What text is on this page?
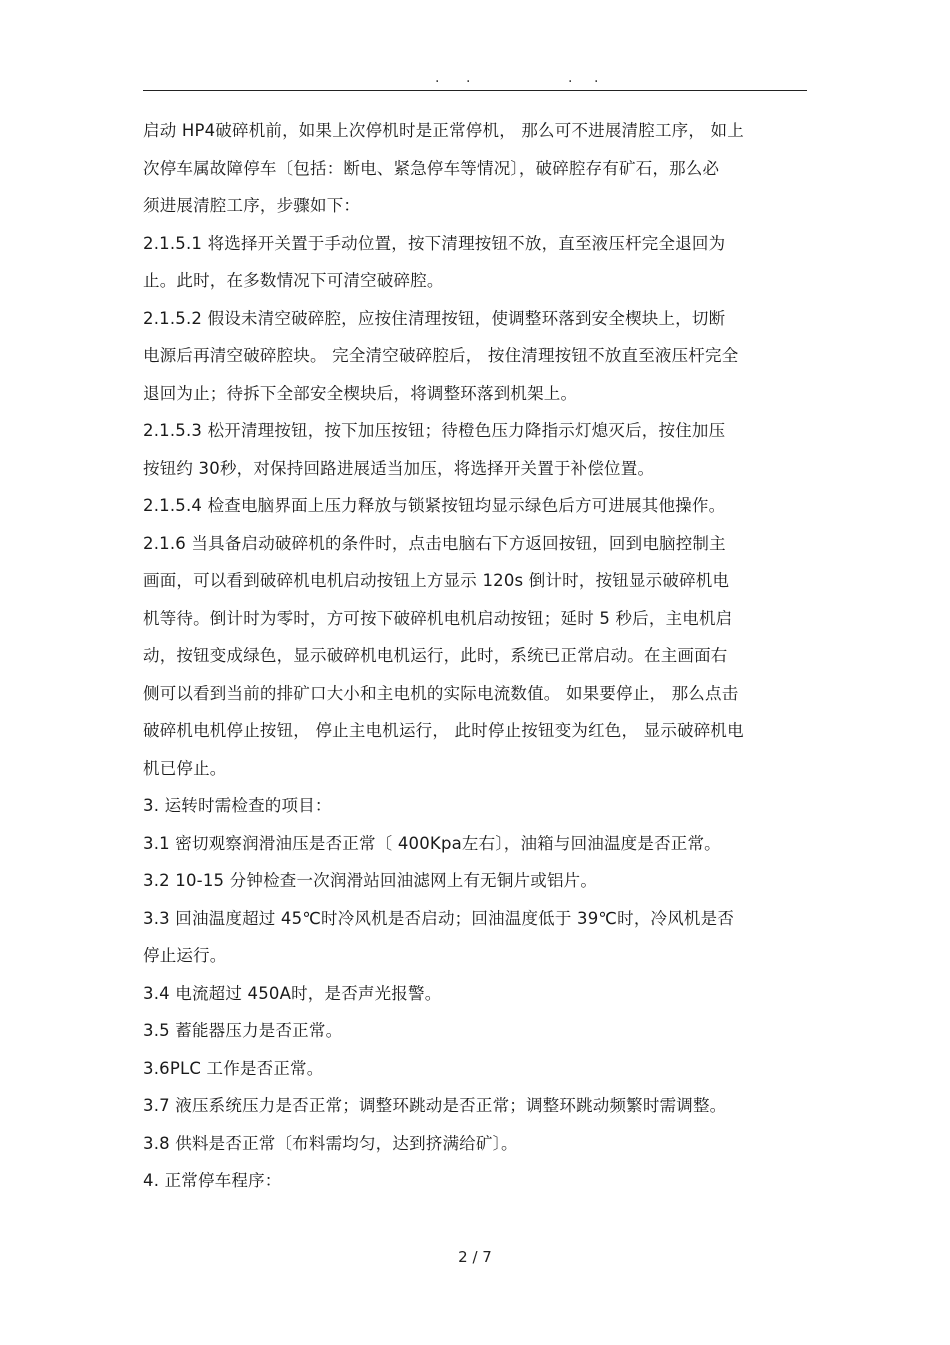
. .	. .
启动 HP4破碎机前，如果上次停机时是正常停机， 那么可不进展清腔工序， 如上
次停车属故障停车〔包括：断电、紧急停车等情况〕，破碎腔存有矿石，那么必
须进展清腔工序，步骤如下：
2.1.5.1 将选择开关置于手动位置，按下清理按钮不放，直至液压杆完全退回为
止。此时，在多数情况下可清空破碎腔。
2.1.5.2 假设未清空破碎腔，应按住清理按钮，使调整环落到安全楔块上，切断
电源后再清空破碎腔块。 完全清空破碎腔后， 按住清理按钮不放直至液压杆完全
退回为止；待拆下全部安全楔块后，将调整环落到机架上。
2.1.5.3 松开清理按钮，按下加压按钮；待橙色压力降指示灯熄灭后，按住加压
按钮约 30秒，对保持回路进展适当加压，将选择开关置于补偿位置。
2.1.5.4 检查电脑界面上压力释放与锁紧按钮均显示绿色后方可进展其他操作。
2.1.6 当具备启动破碎机的条件时，点击电脑右下方返回按钮，回到电脑控制主
画面，可以看到破碎机电机启动按钮上方显示 120s 倒计时，按钮显示破碎机电
机等待。倒计时为零时，方可按下破碎机电机启动按钮；延时 5 秒后，主电机启
动，按钮变成绿色，显示破碎机电机运行，此时，系统已正常启动。在主画面右
侧可以看到当前的排矿口大小和主电机的实际电流数值。 如果要停止， 那么点击
破碎机电机停止按钮， 停止主电机运行， 此时停止按钮变为红色， 显示破碎机电
机已停止。
3. 运转时需检查的项目：
3.1 密切观察润滑油压是否正常〔 400Kpa左右〕，油箱与回油温度是否正常。
3.2 10-15 分钟检查一次润滑站回油滤网上有无铜片或铝片。
3.3 回油温度超过 45℃时冷风机是否启动；回油温度低于 39℃时，冷风机是否
停止运行。
3.4 电流超过 450A时，是否声光报警。
3.5 蓄能器压力是否正常。
3.6PLC 工作是否正常。
3.7 液压系统压力是否正常；调整环跳动是否正常；调整环跳动频繁时需调整。
3.8 供料是否正常〔布料需均匀，达到挤满给矿〕。
4. 正常停车程序：
2 / 7
